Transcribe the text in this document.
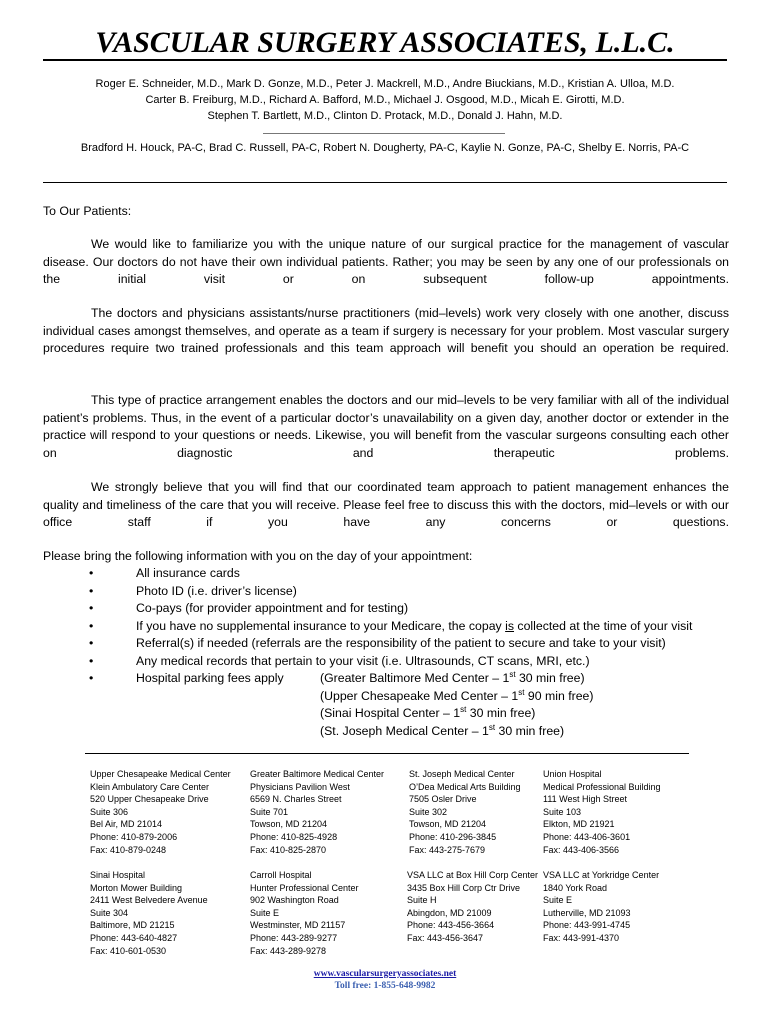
VASCULAR SURGERY ASSOCIATES, L.L.C.
Roger E. Schneider, M.D., Mark D. Gonze, M.D., Peter J. Mackrell, M.D., Andre Biuckians, M.D., Kristian A. Ulloa, M.D.
Carter B. Freiburg, M.D., Richard A. Bafford, M.D., Michael J. Osgood, M.D., Micah E. Girotti, M.D.
Stephen T. Bartlett, M.D., Clinton D. Protack, M.D., Donald J. Hahn, M.D.
Bradford H. Houck, PA-C, Brad C. Russell, PA-C, Robert N. Dougherty, PA-C, Kaylie N. Gonze, PA-C, Shelby E. Norris, PA-C
To Our Patients:
We would like to familiarize you with the unique nature of our surgical practice for the management of vascular disease. Our doctors do not have their own individual patients. Rather; you may be seen by any one of our professionals on the initial visit or on subsequent follow-up appointments.
The doctors and physicians assistants/nurse practitioners (mid–levels) work very closely with one another, discuss individual cases amongst themselves, and operate as a team if surgery is necessary for your problem. Most vascular surgery procedures require two trained professionals and this team approach will benefit you should an operation be required.
This type of practice arrangement enables the doctors and our mid–levels to be very familiar with all of the individual patient’s problems. Thus, in the event of a particular doctor’s unavailability on a given day, another doctor or extender in the practice will respond to your questions or needs. Likewise, you will benefit from the vascular surgeons consulting each other on diagnostic and therapeutic problems.
We strongly believe that you will find that our coordinated team approach to patient management enhances the quality and timeliness of the care that you will receive. Please feel free to discuss this with the doctors, mid–levels or with our office staff if you have any concerns or questions.
Please bring the following information with you on the day of your appointment:
•	All insurance cards
•	Photo ID (i.e. driver’s license)
•	Co-pays (for provider appointment and for testing)
•	If you have no supplemental insurance to your Medicare, the copay is collected at the time of your visit
•	Referral(s) if needed (referrals are the responsibility of the patient to secure and take to your visit)
•	Any medical records that pertain to your visit (i.e. Ultrasounds, CT scans, MRI, etc.)
•	Hospital parking fees apply	(Greater Baltimore Med Center – 1st 30 min free)
(Upper Chesapeake Med Center – 1st 90 min free)
(Sinai Hospital Center – 1st 30 min free)
(St. Joseph Medical Center – 1st 30 min free)
Upper Chesapeake Medical Center
Klein Ambulatory Care Center
520 Upper Chesapeake Drive
Suite 306
Bel Air, MD 21014
Phone: 410-879-2006
Fax: 410-879-0248
Greater Baltimore Medical Center
Physicians Pavilion West
6569 N. Charles Street
Suite 701
Towson, MD 21204
Phone: 410-825-4928
Fax: 410-825-2870
St. Joseph Medical Center
O’Dea Medical Arts Building
7505 Osler Drive
Suite 302
Towson, MD 21204
Phone: 410-296-3845
Fax: 443-275-7679
Union Hospital
Medical Professional Building
111 West High Street
Suite 103
Elkton, MD 21921
Phone: 443-406-3601
Fax: 443-406-3566
Sinai Hospital
Morton Mower Building
2411 West Belvedere Avenue
Suite 304
Baltimore, MD 21215
Phone: 443-640-4827
Fax: 410-601-0530
Carroll Hospital
Hunter Professional Center
902 Washington Road
Suite E
Westminster, MD 21157
Phone: 443-289-9277
Fax: 443-289-9278
VSA LLC at Box Hill Corp Center
3435 Box Hill Corp Ctr Drive
Suite H
Abingdon, MD 21009
Phone: 443-456-3664
Fax: 443-456-3647
VSA LLC at Yorkridge Center
1840 York Road
Suite E
Lutherville, MD 21093
Phone: 443-991-4745
Fax: 443-991-4370
www.vascularsurgeryassociates.net
Toll free: 1-855-648-9982
